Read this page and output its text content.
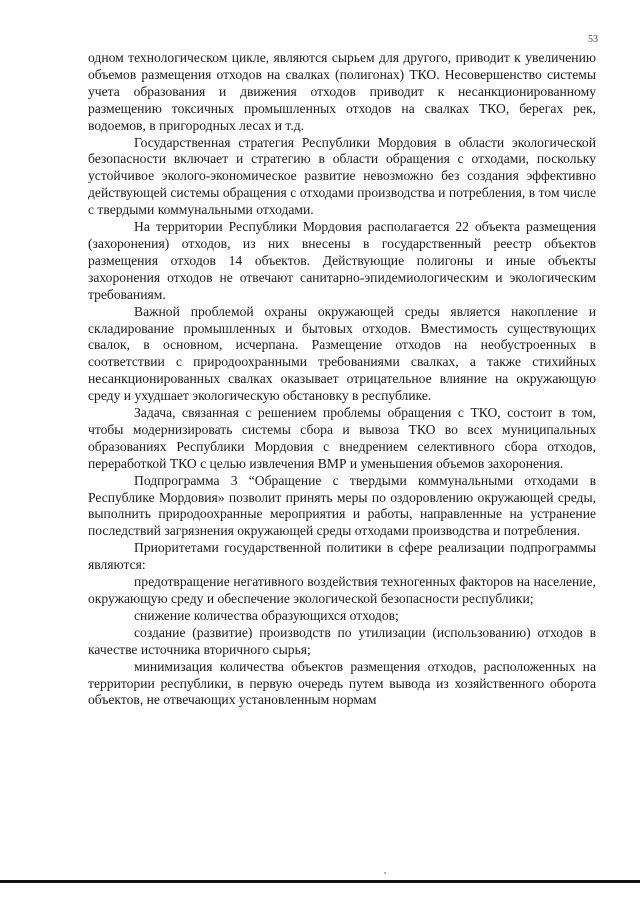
53

одном технологическом цикле, являются сырьем для другого, приводит к увеличению объемов размещения отходов на свалках (полигонах) ТКО. Несовершенство системы учета образования и движения отходов приводит к несанкционированному размещению токсичных промышленных отходов на свалках ТКО, берегах рек, водоемов, в пригородных лесах и т.д.

Государственная стратегия Республики Мордовия в области экологической безопасности включает и стратегию в области обращения с отходами, поскольку устойчивое эколого-экономическое развитие невозможно без создания эффективно действующей системы обращения с отходами производства и потребления, в том числе с твердыми коммунальными отходами.

На территории Республики Мордовия располагается 22 объекта размещения (захоронения) отходов, из них внесены в государственный реестр объектов размещения отходов 14 объектов. Действующие полигоны и иные объекты захоронения отходов не отвечают санитарно-эпидемиологическим и экологическим требованиям.

Важной проблемой охраны окружающей среды является накопление и складирование промышленных и бытовых отходов. Вместимость существующих свалок, в основном, исчерпана. Размещение отходов на необустроенных в соответствии с природоохранными требованиями свалках, а также стихийных несанкционированных свалках оказывает отрицательное влияние на окружающую среду и ухудшает экологическую обстановку в республике.

Задача, связанная с решением проблемы обращения с ТКО, состоит в том, чтобы модернизировать системы сбора и вывоза ТКО во всех муниципальных образованиях Республики Мордовия с внедрением селективного сбора отходов, переработкой ТКО с целью извлечения ВМР и уменьшения объемов захоронения.

Подпрограмма 3 “Обращение с твердыми коммунальными отходами в Республике Мордовия» позволит принять меры по оздоровлению окружающей среды, выполнить природоохранные мероприятия и работы, направленные на устранение последствий загрязнения окружающей среды отходами производства и потребления.

Приоритетами государственной политики в сфере реализации подпрограммы являются:

предотвращение негативного воздействия техногенных факторов на население, окружающую среду и обеспечение экологической безопасности республики;

снижение количества образующихся отходов;

создание (развитие) производств по утилизации (использованию) отходов в качестве источника вторичного сырья;

минимизация количества объектов размещения отходов, расположенных на территории республики, в первую очередь путем вывода из хозяйственного оборота объектов, не отвечающих установленным нормам
